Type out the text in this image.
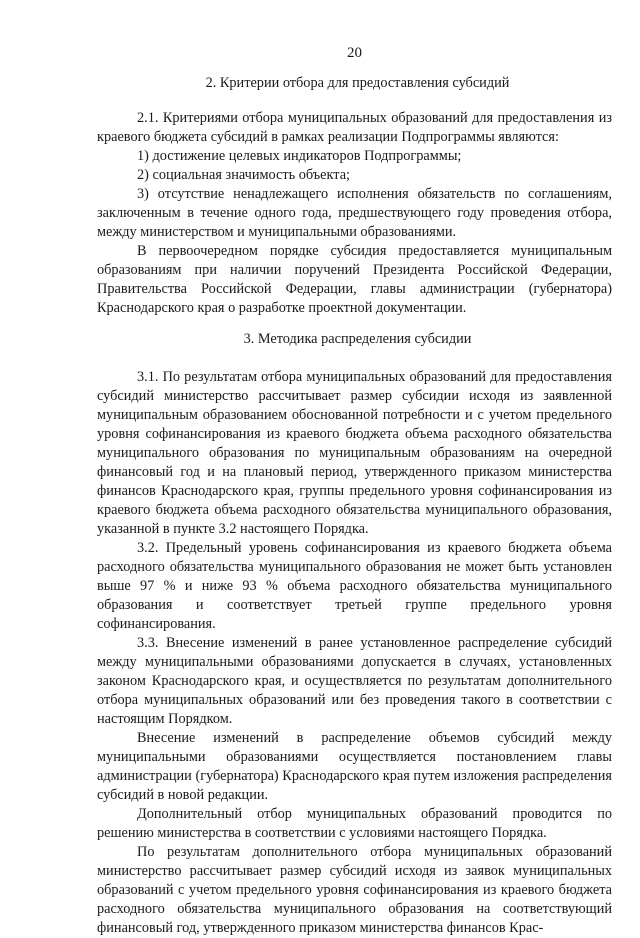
20
2. Критерии отбора для предоставления субсидий

2.1. Критериями отбора муниципальных образований для предоставления из краевого бюджета субсидий в рамках реализации Подпрограммы являются:

1) достижение целевых индикаторов Подпрограммы;

2) социальная значимость объекта;

3) отсутствие ненадлежащего исполнения обязательств по соглашениям, заключенным в течение одного года, предшествующего году проведения отбора, между министерством и муниципальными образованиями.

В первоочередном порядке субсидия предоставляется муниципальным образованиям при наличии поручений Президента Российской Федерации, Правительства Российской Федерации, главы администрации (губернатора) Краснодарского края о разработке проектной документации.

3. Методика распределения субсидии

3.1. По результатам отбора муниципальных образований для предоставления субсидий министерство рассчитывает размер субсидии исходя из заявленной муниципальным образованием обоснованной потребности и с учетом предельного уровня софинансирования из краевого бюджета объема расходного обязательства муниципального образования по муниципальным образованиям на очередной финансовый год и на плановый период, утвержденного приказом министерства финансов Краснодарского края, группы предельного уровня софинансирования из краевого бюджета объема расходного обязательства муниципального образования, указанной в пункте 3.2 настоящего Порядка.

3.2. Предельный уровень софинансирования из краевого бюджета объема расходного обязательства муниципального образования не может быть установлен выше 97 % и ниже 93 % объема расходного обязательства муниципального образования и соответствует третьей группе предельного уровня софинансирования.

3.3. Внесение изменений в ранее установленное распределение субсидий между муниципальными образованиями допускается в случаях, установленных законом Краснодарского края, и осуществляется по результатам дополнительного отбора муниципальных образований или без проведения такого в соответствии с настоящим Порядком.

Внесение изменений в распределение объемов субсидий между муниципальными образованиями осуществляется постановлением главы администрации (губернатора) Краснодарского края путем изложения распределения субсидий в новой редакции.

Дополнительный отбор муниципальных образований проводится по решению министерства в соответствии с условиями настоящего Порядка.

По результатам дополнительного отбора муниципальных образований министерство рассчитывает размер субсидий исходя из заявок муниципальных образований с учетом предельного уровня софинансирования из краевого бюджета расходного обязательства муниципального образования на соответствующий финансовый год, утвержденного приказом министерства финансов Крас-
